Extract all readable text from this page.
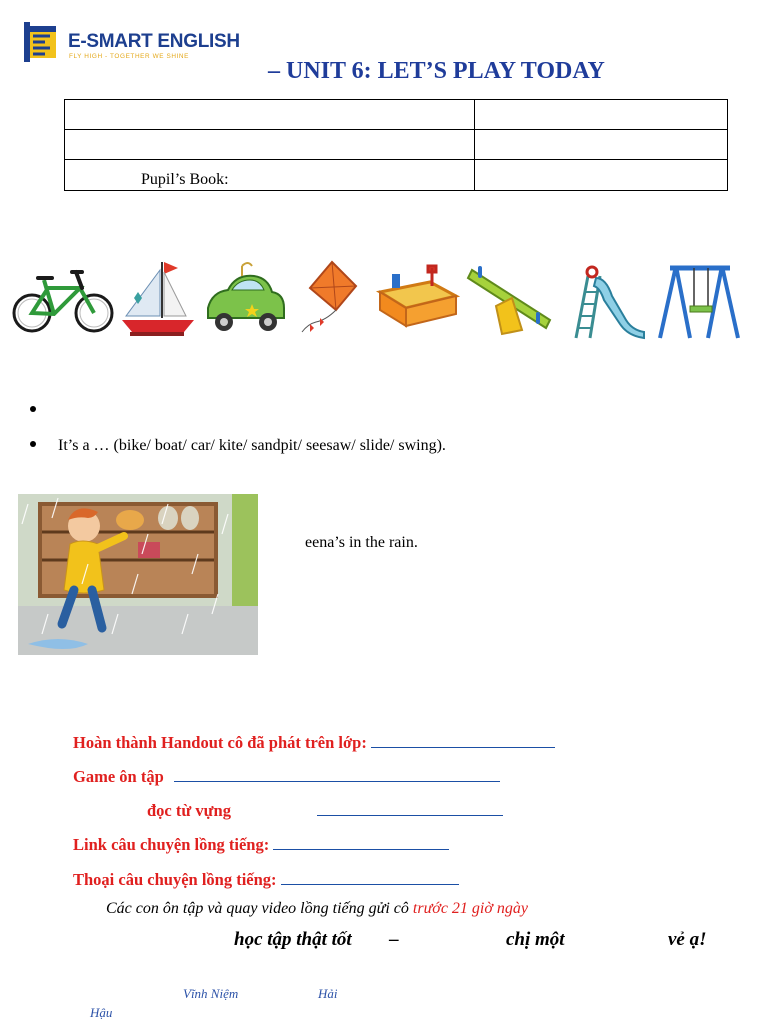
E-SMART ENGLISH
FLY HIGH - TOGETHER WE SHINE
– UNIT 6: LET’S PLAY TODAY

Pupil’s Book:	
It’s a … (bike/ boat/ car/ kite/ sandpit/ seesaw/ slide/ swing).
eena’s in the rain.
Hoàn thành Handout cô đã phát trên lớp:
Game ôn tập
đọc từ vựng
Link câu chuyện lồng tiếng:
Thoại câu chuyện lồng tiếng:
Các con ôn tập và quay video lồng tiếng gửi cô trước 21 giờ ngày
học tập thật tốt –	chị một	vẻ ạ!
Vĩnh Niệm	Hải
Hậu
